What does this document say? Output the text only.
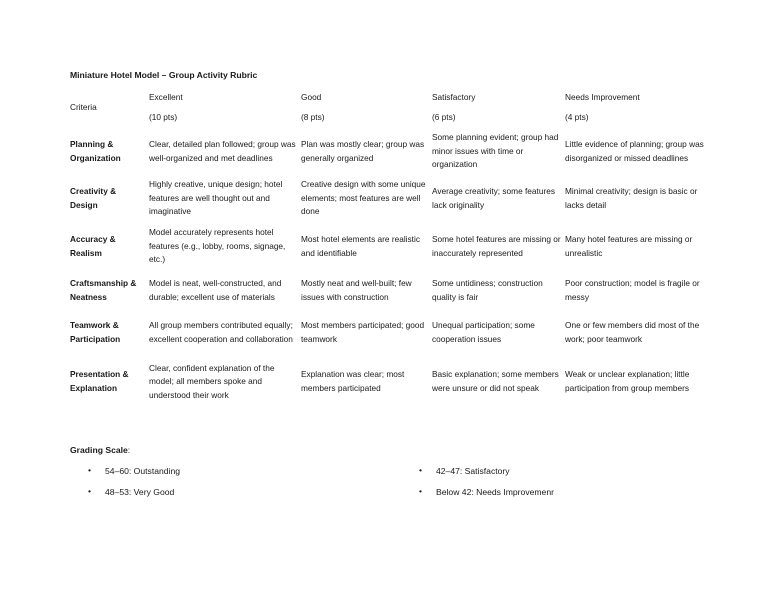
Miniature Hotel Model – Group Activity Rubric
Criteria	Excellent	Good	Satisfactory	Needs Improvement
	(10 pts)	(8 pts)	(6 pts)	(4 pts)
Planning & Organization	Clear, detailed plan followed; group was well-organized and met deadlines	Plan was mostly clear; group was generally organized	Some planning evident; group had minor issues with time or organization	Little evidence of planning; group was disorganized or missed deadlines
Creativity & Design	Highly creative, unique design; hotel features are well thought out and imaginative	Creative design with some unique elements; most features are well done	Average creativity; some features lack originality	Minimal creativity; design is basic or lacks detail
Accuracy & Realism	Model accurately represents hotel features (e.g., lobby, rooms, signage, etc.)	Most hotel elements are realistic and identifiable	Some hotel features are missing or inaccurately represented	Many hotel features are missing or unrealistic
Craftsmanship & Neatness	Model is neat, well-constructed, and durable; excellent use of materials	Mostly neat and well-built; few issues with construction	Some untidiness; construction quality is fair	Poor construction; model is fragile or messy
Teamwork & Participation	All group members contributed equally; excellent cooperation and collaboration	Most members participated; good teamwork	Unequal participation; some cooperation issues	One or few members did most of the work; poor teamwork
Presentation & Explanation	Clear, confident explanation of the model; all members spoke and understood their work	Explanation was clear; most members participated	Basic explanation; some members were unsure or did not speak	Weak or unclear explanation; little participation from group members
Grading Scale:
• 54–60: Outstanding
• 48–53: Very Good
• 42–47: Satisfactory
• Below 42: Needs Improvemenr
